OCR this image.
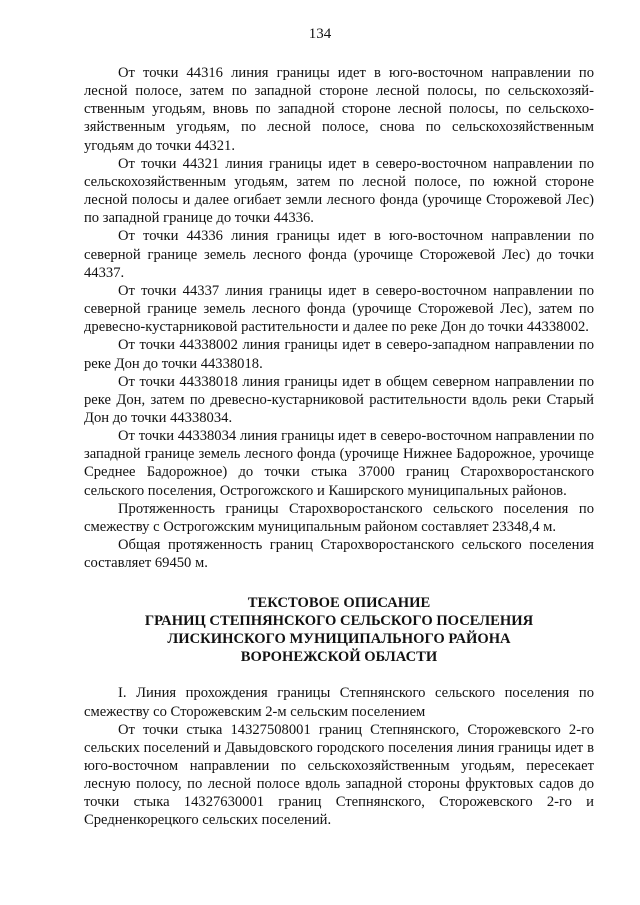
134

От точки 44316 линия границы идет в юго-восточном направлении по лесной полосе, затем по западной стороне лесной полосы, по сельскохозяйственным угодьям, вновь по западной стороне лесной полосы, по сельскохозяйственным угодьям, по лесной полосе, снова по сельскохозяйственным угодьям до точки 44321.

От точки 44321 линия границы идет в северо-восточном направлении по сельскохозяйственным угодьям, затем по лесной полосе, по южной стороне лесной полосы и далее огибает земли лесного фонда (урочище Сторожевой Лес) по западной границе до точки 44336.

От точки 44336 линия границы идет в юго-восточном направлении по северной границе земель лесного фонда (урочище Сторожевой Лес) до точки 44337.

От точки 44337 линия границы идет в северо-восточном направлении по северной границе земель лесного фонда (урочище Сторожевой Лес), затем по древесно-кустарниковой растительности и далее по реке Дон до точки 44338002.

От точки 44338002 линия границы идет в северо-западном направлении по реке Дон до точки 44338018.

От точки 44338018 линия границы идет в общем северном направлении по реке Дон, затем по древесно-кустарниковой растительности вдоль реки Старый Дон до точки 44338034.

От точки 44338034 линия границы идет в северо-восточном направлении по западной границе земель лесного фонда (урочище Нижнее Бадорожное, урочище Среднее Бадорожное) до точки стыка 37000 границ Старохворостанского сельского поселения, Острогожского и Каширского муниципальных районов.

Протяженность границы Старохворостанского сельского поселения по смежеству с Острогожским муниципальным районом составляет 23348,4 м.

Общая протяженность границ Старохворостанского сельского поселения составляет 69450 м.

ТЕКСТОВОЕ ОПИСАНИЕ
ГРАНИЦ СТЕПНЯНСКОГО СЕЛЬСКОГО ПОСЕЛЕНИЯ
ЛИСКИНСКОГО МУНИЦИПАЛЬНОГО РАЙОНА
ВОРОНЕЖСКОЙ ОБЛАСТИ

I. Линия прохождения границы Степнянского сельского поселения по смежеству со Сторожевским 2-м сельским поселением

От точки стыка 14327508001 границ Степнянского, Сторожевского 2-го сельских поселений и Давыдовского городского поселения линия границы идет в юго-восточном направлении по сельскохозяйственным угодьям, пересекает лесную полосу, по лесной полосе вдоль западной стороны фруктовых садов до точки стыка 14327630001 границ Степнянского, Сторожевского 2-го и Средненкорецкого сельских поселений.
